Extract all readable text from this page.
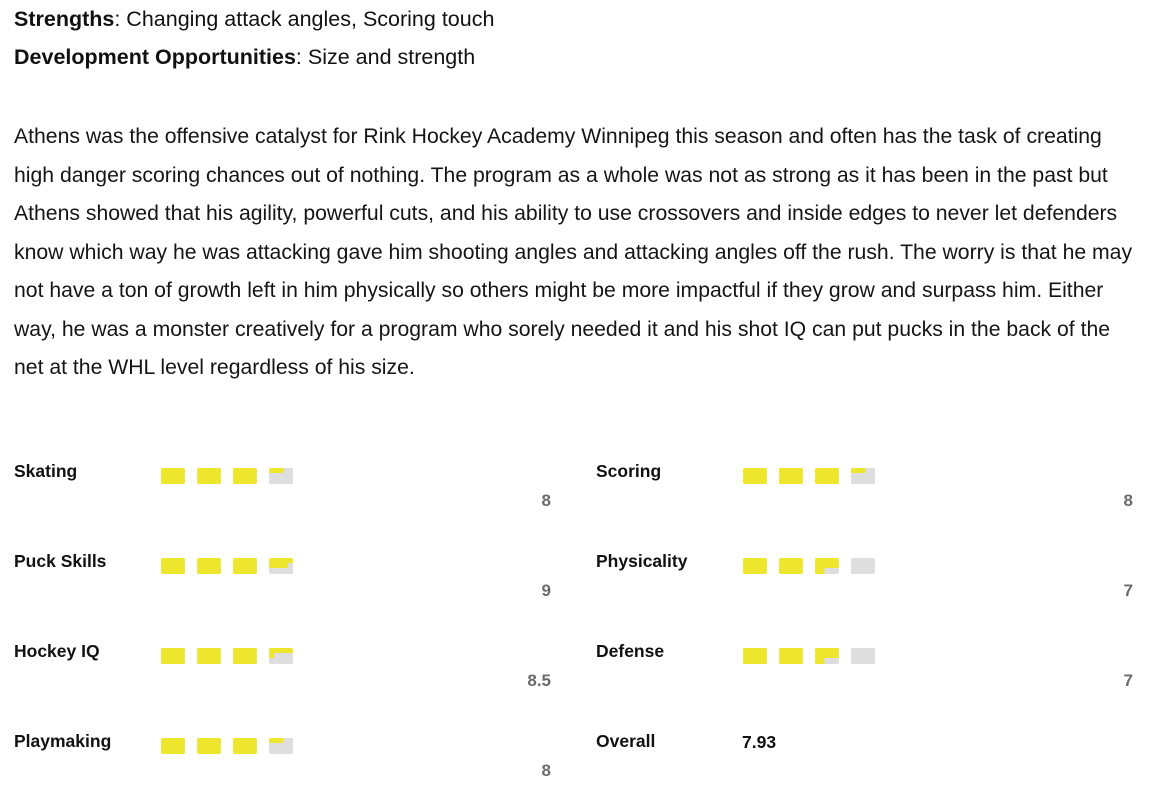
Strengths: Changing attack angles, Scoring touch
Development Opportunities: Size and strength

Athens was the offensive catalyst for Rink Hockey Academy Winnipeg this season and often has the task of creating high danger scoring chances out of nothing. The program as a whole was not as strong as it has been in the past but Athens showed that his agility, powerful cuts, and his ability to use crossovers and inside edges to never let defenders know which way he was attacking gave him shooting angles and attacking angles off the rush. The worry is that he may not have a ton of growth left in him physically so others might be more impactful if they grow and surpass him. Either way, he was a monster creatively for a program who sorely needed it and his shot IQ can put pucks in the back of the net at the WHL level regardless of his size.

Skating
8
Scoring
8
Puck Skills
9
Physicality
7
Hockey IQ
8.5
Defense
7
Playmaking
8
Overall	7.93
